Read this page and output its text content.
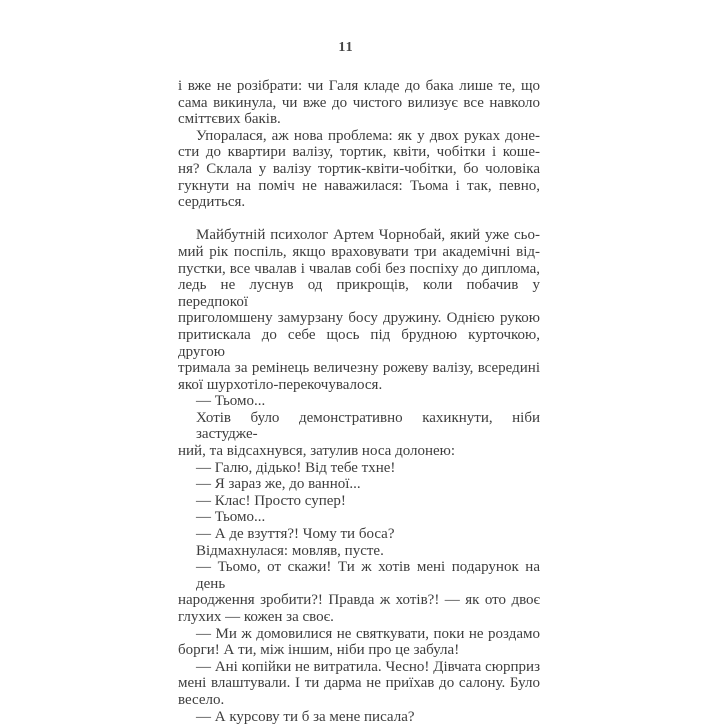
11
і вже не розібрати: чи Галя кладе до бака лише те, що
сама викинула, чи вже до чистого вилизує все навколо
сміттєвих баків.
Упоралася, аж нова проблема: як у двох руках доне-
сти до квартири валізу, тортик, квіти, чобітки і коше-
ня? Склала у валізу тортик-квіти-чобітки, бо чоловіка
гукнути на поміч не наважилася: Тьома і так, певно,
сердиться.
Майбутній психолог Артем Чорнобай, який уже сьо-
мий рік поспіль, якщо враховувати три академічні від-
пустки, все чвалав і чвалав собі без поспіху до диплома,
ледь не луснув од прикрощів, коли побачив у передпокої
приголомшену замурзану босу дружину. Однією рукою
притискала до себе щось під брудною курточкою, другою
тримала за ремінець величезну рожеву валізу, всередині
якої шурхотіло-перекочувалося.
— Тьомо...
Хотів було демонстративно кахикнути, ніби застудже-
ний, та відсахнувся, затулив носа долонею:
— Галю, дідько! Від тебе тхне!
— Я зараз же, до ванної...
— Клас! Просто супер!
— Тьомо...
— А де взуття?! Чому ти боса?
Відмахнулася: мовляв, пусте.
— Тьомо, от скажи! Ти ж хотів мені подарунок на день
народження зробити?! Правда ж хотів?! — як ото двоє
глухих — кожен за своє.
— Ми ж домовилися не святкувати, поки не роздамо
борги! А ти, між іншим, ніби про це забула!
— Ані копійки не витратила. Чесно! Дівчата сюрприз
мені влаштували. І ти дарма не приїхав до салону. Було
весело.
— А курсову ти б за мене писала?
